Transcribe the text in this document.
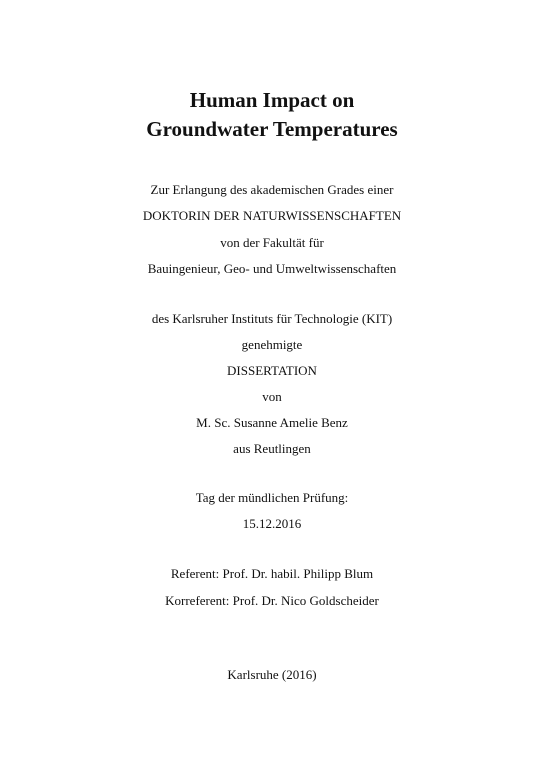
Human Impact on
Groundwater Temperatures
Zur Erlangung des akademischen Grades einer
DOKTORIN DER NATURWISSENSCHAFTEN
von der Fakultät für
Bauingenieur, Geo- und Umweltwissenschaften
des Karlsruher Instituts für Technologie (KIT)
genehmigte
DISSERTATION
von
M. Sc. Susanne Amelie Benz
aus Reutlingen
Tag der mündlichen Prüfung:
15.12.2016
Referent: Prof. Dr. habil. Philipp Blum
Korreferent: Prof. Dr. Nico Goldscheider
Karlsruhe (2016)
